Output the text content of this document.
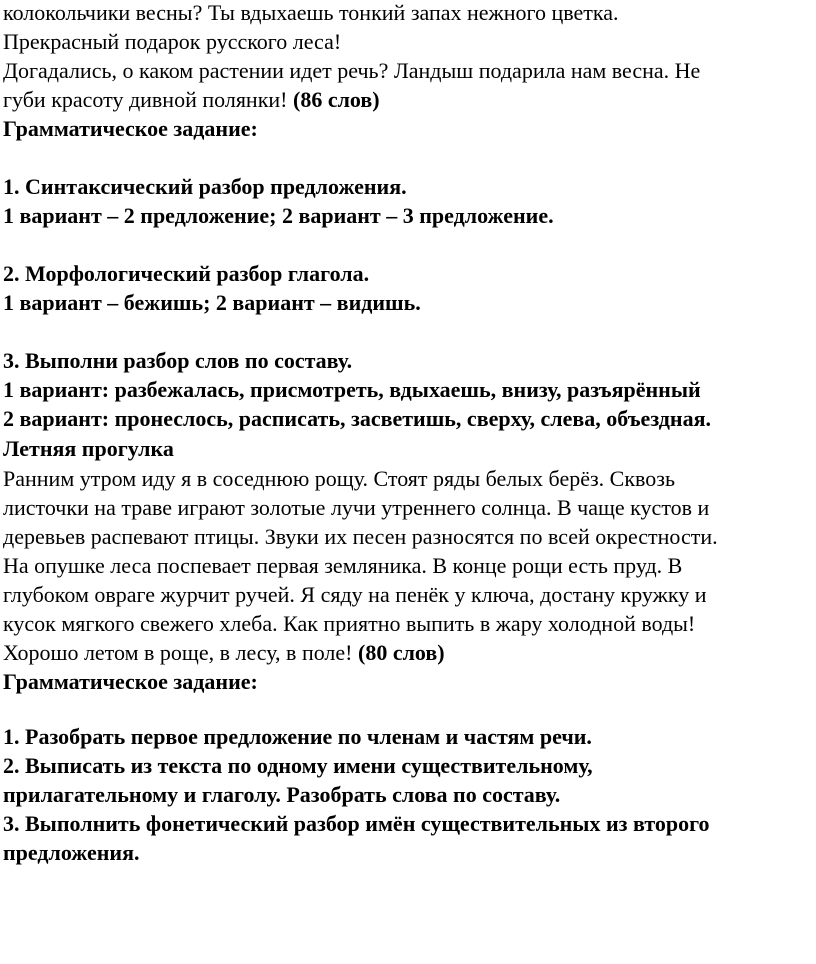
колокольчики весны? Ты вдыхаешь тонкий запах нежного цветка.
Прекрасный подарок русского леса!
Догадались, о каком растении идет речь? Ландыш подарила нам весна. Не
губи красоту дивной полянки! (86 слов)
Грамматическое задание:
1. Синтаксический разбор предложения.
1 вариант – 2 предложение; 2 вариант – 3 предложение.
2. Морфологический разбор глагола.
1 вариант – бежишь; 2 вариант – видишь.
3. Выполни разбор слов по составу.
1 вариант: разбежалась, присмотреть, вдыхаешь, внизу, разъярённый
2 вариант: пронеслось, расписать, засветишь, сверху, слева, объездная.
Летняя прогулка
Ранним утром иду я в соседнюю рощу. Стоят ряды белых берёз. Сквозь
листочки на траве играют золотые лучи утреннего солнца. В чаще кустов и
деревьев распевают птицы. Звуки их песен разносятся по всей окрестности.
На опушке леса поспевает первая земляника. В конце рощи есть пруд. В
глубоком овраге журчит ручей. Я сяду на пенёк у ключа, достану кружку и
кусок мягкого свежего хлеба. Как приятно выпить в жару холодной воды!
Хорошо летом в роще, в лесу, в поле! (80 слов)
Грамматическое задание:
1. Разобрать первое предложение по членам и частям речи.
2. Выписать из текста по одному имени существительному,
прилагательному и глаголу. Разобрать слова по составу.
3. Выполнить фонетический разбор имён существительных из второго
предложения.
